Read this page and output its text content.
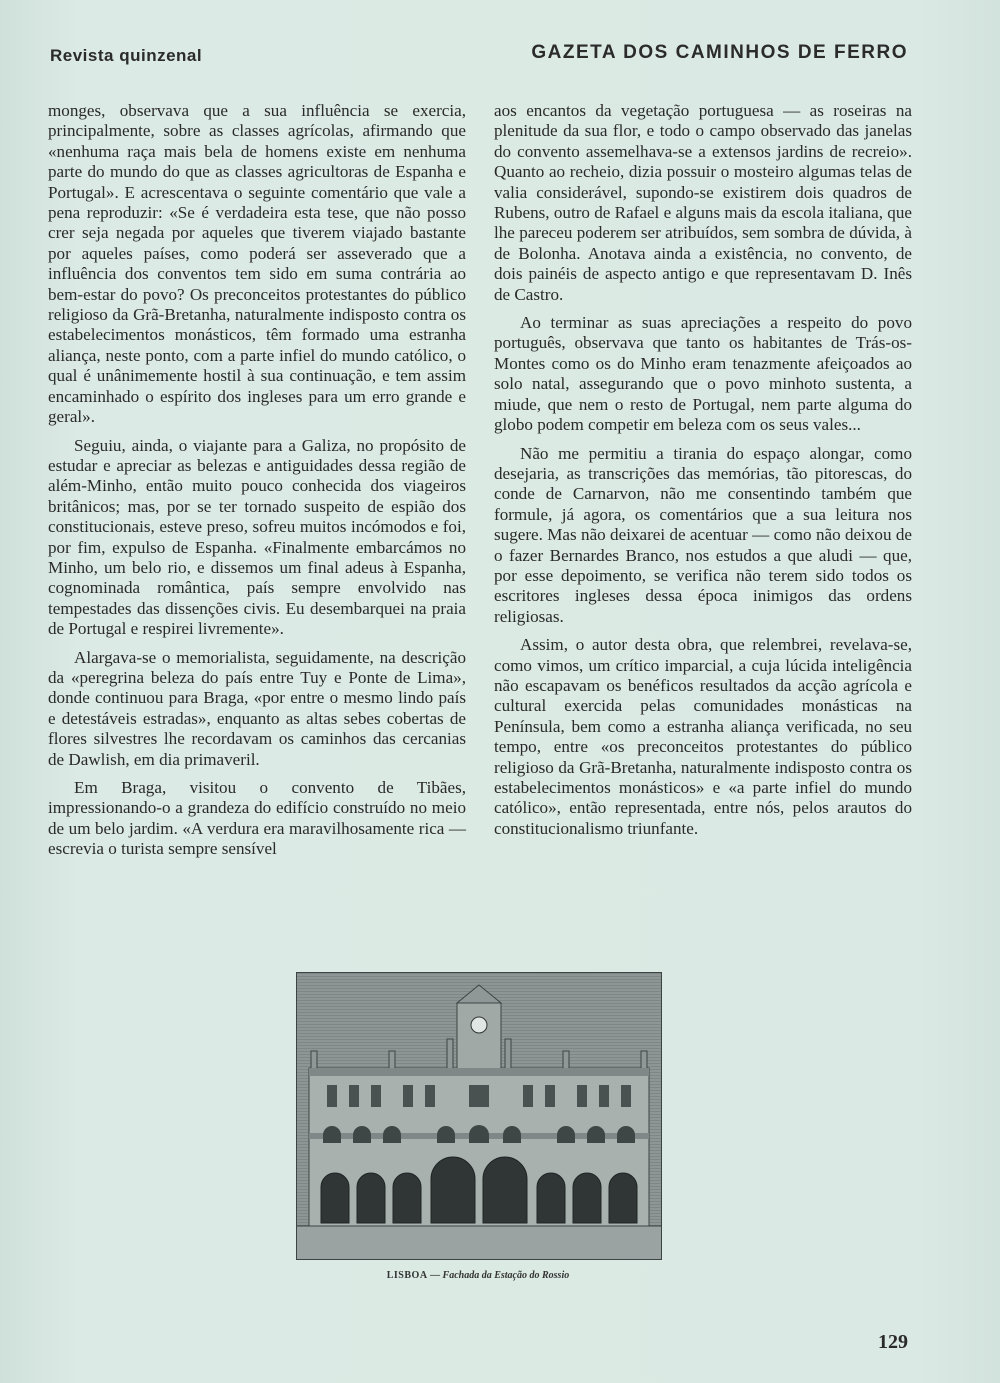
Revista quinzenal	GAZETA DOS CAMINHOS DE FERRO

monges, observava que a sua influência se exercia, principalmente, sobre as classes agrícolas, afirmando que «nenhuma raça mais bela de homens existe em nenhuma parte do mundo do que as classes agricultoras de Espanha e Portugal». E acrescentava o seguinte comentário que vale a pena reproduzir: «Se é verdadeira esta tese, que não posso crer seja negada por aqueles que tiverem viajado bastante por aqueles países, como poderá ser asseverado que a influência dos conventos tem sido em suma contrária ao bem-estar do povo? Os preconceitos protestantes do público religioso da Grã-Bretanha, naturalmente indisposto contra os estabelecimentos monásticos, têm formado uma estranha aliança, neste ponto, com a parte infiel do mundo católico, o qual é unânimemente hostil à sua continuação, e tem assim encaminhado o espírito dos ingleses para um erro grande e geral».

Seguiu, ainda, o viajante para a Galiza, no propósito de estudar e apreciar as belezas e antiguidades dessa região de além-Minho, então muito pouco conhecida dos viageiros britânicos; mas, por se ter tornado suspeito de espião dos constitucionais, esteve preso, sofreu muitos incómodos e foi, por fim, expulso de Espanha. «Finalmente embarcámos no Minho, um belo rio, e dissemos um final adeus à Espanha, cognominada romântica, país sempre envolvido nas tempestades das dissenções civis. Eu desembarquei na praia de Portugal e respirei livremente».

Alargava-se o memorialista, seguidamente, na descrição da «peregrina beleza do país entre Tuy e Ponte de Lima», donde continuou para Braga, «por entre o mesmo lindo país e detestáveis estradas», enquanto as altas sebes cobertas de flores silvestres lhe recordavam os caminhos das cercanias de Dawlish, em dia primaveril.

Em Braga, visitou o convento de Tibães, impressionando-o a grandeza do edifício construído no meio de um belo jardim. «A verdura era maravilhosamente rica — escrevia o turista sempre sensível

aos encantos da vegetação portuguesa — as roseiras na plenitude da sua flor, e todo o campo observado das janelas do convento assemelhava-se a extensos jardins de recreio». Quanto ao recheio, dizia possuir o mosteiro algumas telas de valia considerável, supondo-se existirem dois quadros de Rubens, outro de Rafael e alguns mais da escola italiana, que lhe pareceu poderem ser atribuídos, sem sombra de dúvida, à de Bolonha. Anotava ainda a existência, no convento, de dois painéis de aspecto antigo e que representavam D. Inês de Castro.

Ao terminar as suas apreciações a respeito do povo português, observava que tanto os habitantes de Trás-os-Montes como os do Minho eram tenazmente afeiçoados ao solo natal, assegurando que o povo minhoto sustenta, a miude, que nem o resto de Portugal, nem parte alguma do globo podem competir em beleza com os seus vales...

Não me permitiu a tirania do espaço alongar, como desejaria, as transcrições das memórias, tão pitorescas, do conde de Carnarvon, não me consentindo também que formule, já agora, os comentários que a sua leitura nos sugere. Mas não deixarei de acentuar — como não deixou de o fazer Bernardes Branco, nos estudos a que aludi — que, por esse depoimento, se verifica não terem sido todos os escritores ingleses dessa época inimigos das ordens religiosas.

Assim, o autor desta obra, que relembrei, revelava-se, como vimos, um crítico imparcial, a cuja lúcida inteligência não escapavam os benéficos resultados da acção agrícola e cultural exercida pelas comunidades monásticas na Península, bem como a estranha aliança verificada, no seu tempo, entre «os preconceitos protestantes do público religioso da Grã-Bretanha, naturalmente indisposto contra os estabelecimentos monásticos» e «a parte infiel do mundo católico», então representada, entre nós, pelos arautos do constitucionalismo triunfante.

LISBOA — Fachada da Estação do Rossio
129
